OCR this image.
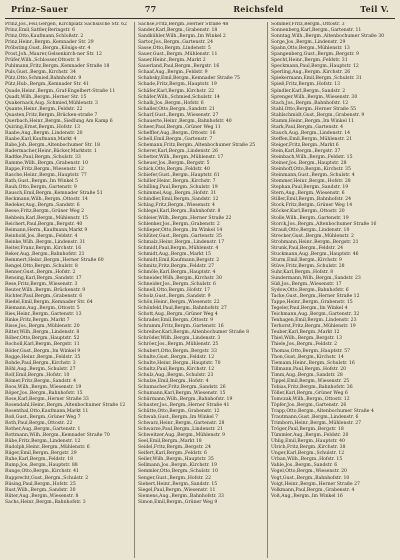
Prinz–Sauer	77	Reichsfeld	Teil V.
Prinz,Jos.,Feil,Gergen, Kirchplatz Sächsische Str. 62
Prinz,Emil,Sattler,Beringstr. 6
Prinz,Otto,Kaufmann,Schloßstr. 2
Prinz,Heinr.,Bergm.,Kemnader Str. 29
Pröbsting,Gust.,Bergm.,Königs-str. 4
Prost,Joh.,Maurer,Gelsenkirch-ner Str. 12
Prüfer,Wilh.,Schlosser,Ottostr. 8
Puhlmann,Fritz,Bergm.,Kemnader Straße 18
Puls,Gust.,Bergm.,Kirchstr. 34
Pütz,Otto,Schmied,Bahnhofstr. 9
Pütz,Hub.,Bergm.,Kemnader Str. 41
Quade,Heinr.,Bergm.,Graf-Engelbert-Straße 11
Quadt,Wilh.,Bergm.,Herner Str. 15
Quakernack,Aug.,Schmied,Mühlenstr. 3
Quante,Heinr.,Bergm.,Feldstr. 22
Quasten,Fritz,Bergm.,Brücken-straße 7
Querbach,Heinr.,Bergm.,Siedlung Am Kamp 6
Quiring,Ernst,Bergm.,Hofstr. 13
Raabe,Aug.,Bergm.,Lindenstr. 20
Raabe,Karl,Kaufmann,Markt 4
Rabe,Joh.,Bergm.,Altenbochumer Str. 18
Radermacher,Heinr.,Bäcker,Marktstr. 1
Radtke,Paul,Bergm.,Schulstr. 33
Ramme,Wilh.,Bergm.,Grabenstr. 10
Rappe,Fritz,Bergm.,Wiesenstr. 12
Rasche,Heinr.,Bergm.,Hauptstr. 77
Rath,Gust.,Bergm.,Im Winkel 5
Rauh,Otto,Bergm.,Gartenstr. 9
Rausch,Emil,Bergm.,Kemnader Straße 51
Reckmann,Wilh.,Bergm.,Ottostr. 14
Redeker,Aug.,Bergm.,Sandstr. 6
Reese,Fritz,Bergm.,Grüner Weg 2
Rehbein,Karl,Bergm.,Mühlenstr. 15
Reichert,Paul,Bergm.,Bergstr. 40
Reimann,Herm.,Kaufmann,Markt 9
Reinhold,Jos.,Bergm.,Feldstr. 4
Reinke,Wilh.,Bergm.,Lindenstr. 31
Reiter,Franz,Bergm.,Kirchstr. 16
Reker,Aug.,Bergm.,Bahnhofstr. 21
Remmert,Heinr.,Bergm.,Herner Straße 60
Rengel,Otto,Bergm.,Schulstr. 8
Renner,Gust.,Bergm.,Hofstr. 2
Rensing,Karl,Bergm.,Sandstr. 17
Rese,Fritz,Bergm.,Wiesenstr. 3
Reuter,Wilh.,Bergm.,Brückenstr. 9
Richter,Paul,Bergm.,Grabenstr. 6
Riedel,Emil,Bergm.,Kemnader Str. 64
Riemann,Aug.,Bergm.,Ottostr. 5
Ries,Heinr.,Bergm.,Gartenstr. 13
Rinke,Fritz,Bergm.,Markt 7
Risse,Jos.,Bergm.,Mühlenstr. 20
Ritter,Wilh.,Bergm.,Lindenstr. 8
Röber,Otto,Bergm.,Hauptstr. 52
Rocholl,Karl,Bergm.,Bergstr. 11
Röder,Gust.,Bergm.,Im Winkel 9
Rogge,Heinr.,Bergm.,Feldstr. 35
Rohde,Paul,Bergm.,Kirchstr. 3
Röhl,Aug.,Bergm.,Schulstr. 27
Rolf,Emil,Bergm.,Hofstr. 10
Römer,Fritz,Bergm.,Sandstr. 4
Roos,Wilh.,Bergm.,Wiesenstr. 19
Röper,Jos.,Bergm.,Bahnhofstr. 15
Rose,Karl,Bergm.,Herner Straße 33
Rosendahl,Heinr.,Bergm.,Altenbochumer Straße 12
Rosenthal,Otto,Kaufmann,Markt 11
Roß,Gust.,Bergm.,Grüner Weg 7
Roth,Paul,Bergm.,Ottostr. 22
Rother,Aug.,Bergm.,Gartenstr. 1
Rottmann,Wilh.,Bergm.,Kemnader Straße 70
Rübe,Fritz,Bergm.,Lindenstr. 12
Rudolph,Heinr.,Bergm.,Mühlenstr. 6
Rüger,Emil,Bergm.,Bergstr. 29
Ruhe,Karl,Bergm.,Feldstr. 18
Rump,Jos.,Bergm.,Hauptstr. 88
Runge,Otto,Bergm.,Kirchstr. 41
Rupprecht,Gust.,Bergm.,Schulstr. 2
Rüsing,Paul,Bergm.,Hofstr. 25
Rust,Wilh.,Bergm.,Sandstr. 30
Rüter,Aug.,Bergm.,Wiesenstr. 8
Sachs,Heinr.,Bergm.,Bahnhofstr. 3
Sachse,Fritz,Bergm.,Herner Straße 48
Sander,Karl,Bergm.,Grabenstr. 18
Sandkühler,Wilh.,Bergm.,Im Winkel 2
Sartor,Jos.,Bergm.,Gartenstr. 24
Sasse,Otto,Bergm.,Lindenstr. 5
Sauer,Gust.,Bergm.,Mühlenstr. 11
Sauer,Heinr.,Bergm.,Markt 2
Sauerland,Paul,Bergm.,Bergstr. 16
Schaaf,Aug.,Bergm.,Feldstr. 9
Schabsky,Emil,Bergm.,Kemnader Straße 75
Schade,Fritz,Bergm.,Hauptstr. 19
Schäfer,Karl,Bergm.,Kirchstr. 22
Schäfer,Wilh.,Schmied,Schulstr. 14
Schalk,Jos.,Bergm.,Hofstr. 6
Schaller,Otto,Bergm.,Sandstr. 21
Scharf,Gust.,Bergm.,Wiesenstr. 27
Schauerte,Heinr.,Bergm.,Bahnhofstr. 40
Scheer,Paul,Bergm.,Grüner Weg 11
Scheffler,Aug.,Bergm.,Ottostr. 16
Schell,Emil,Bergm.,Gartenstr. 7
Schemann,Fritz,Bergm.,Altenbochumer Straße 25
Scherer,Karl,Bergm.,Lindenstr. 26
Schetter,Wilh.,Bergm.,Mühlenstr. 17
Scheuer,Jos.,Bergm.,Bergstr. 5
Schick,Otto,Bergm.,Feldstr. 40
Schiefer,Gust.,Bergm.,Hauptstr. 61
Schiller,Heinr.,Bergm.,Kirchstr. 7
Schilling,Paul,Bergm.,Schulstr. 19
Schimmel,Aug.,Bergm.,Hofstr. 31
Schindler,Emil,Bergm.,Sandstr. 12
Schlag,Fritz,Bergm.,Wiesenstr. 4
Schlegel,Karl,Bergm.,Bahnhofstr. 8
Schleier,Wilh.,Bergm.,Herner Straße 22
Schlenker,Jos.,Bergm.,Grabenstr. 2
Schlieper,Otto,Bergm.,Im Winkel 14
Schlüter,Gust.,Bergm.,Gartenstr. 35
Schmalz,Heinr.,Bergm.,Lindenstr. 17
Schmidt,Paul,Bergm.,Mühlenstr. 4
Schmidt,Aug.,Bergm.,Markt 15
Schmidt,Emil,Kaufmann,Bergstr. 2
Schmitz,Fritz,Bergm.,Feldstr. 27
Schmöle,Karl,Bergm.,Hauptstr. 4
Schneider,Wilh.,Bergm.,Kirchstr. 30
Schneider,Jos.,Bergm.,Schulstr. 6
Schnell,Otto,Bergm.,Hofstr. 17
Scholz,Gust.,Bergm.,Sandstr. 9
Schön,Heinr.,Bergm.,Wiesenstr. 22
Schönfeld,Paul,Bergm.,Bahnhofstr. 27
Schott,Aug.,Bergm.,Grüner Weg 4
Schrader,Emil,Bergm.,Ottostr. 9
Schramm,Fritz,Bergm.,Gartenstr. 16
Schreiber,Karl,Bergm.,Altenbochumer Straße 8
Schröder,Wilh.,Bergm.,Lindenstr. 3
Schröer,Jos.,Bergm.,Mühlenstr. 25
Schubert,Otto,Bergm.,Bergstr. 33
Schulte,Gust.,Bergm.,Feldstr. 12
Schulte,Heinr.,Bergm.,Hauptstr. 70
Schultz,Paul,Bergm.,Kirchstr. 12
Schulz,Aug.,Bergm.,Schulstr. 23
Schulze,Emil,Bergm.,Hofstr. 4
Schumacher,Fritz,Bergm.,Sandstr. 26
Schumann,Karl,Bergm.,Wiesenstr. 15
Schürmann,Wilh.,Bergm.,Bahnhofstr. 19
Schuster,Jos.,Bergm.,Herner Straße 41
Schütte,Otto,Bergm.,Grabenstr. 12
Schwab,Gust.,Bergm.,Im Winkel 7
Schwarz,Heinr.,Bergm.,Gartenstr. 28
Schwarze,Paul,Bergm.,Lindenstr. 21
Schweitzer,Aug.,Bergm.,Mühlenstr. 9
Seel,Emil,Bergm.,Markt 18
Seidel,Fritz,Bergm.,Bergstr. 24
Seifert,Karl,Bergm.,Feldstr. 6
Seiler,Wilh.,Bergm.,Hauptstr. 35
Sellmann,Jos.,Bergm.,Kirchstr. 19
Semmler,Otto,Bergm.,Schulstr. 10
Senger,Gust.,Bergm.,Hofstr. 22
Siebert,Heinr.,Bergm.,Sandstr. 15
Siegel,Paul,Bergm.,Wiesenstr. 11
Siemens,Aug.,Bergm.,Bahnhofstr. 33
Simon,Emil,Bergm.,Grüner Weg 9
Sommer,Fritz,Bergm.,Ottostr. 3
Sonnenberg,Karl,Bergm.,Gartenstr. 11
Sonntag,Wilh.,Bergm.,Altenbochumer Straße 30
Sorge,Jos.,Bergm.,Lindenstr. 29
Spahn,Otto,Bergm.,Mühlenstr. 13
Spangenberg,Gust.,Bergm.,Bergstr. 9
Specht,Heinr.,Bergm.,Feldstr. 31
Speckmann,Paul,Bergm.,Hauptstr. 12
Sperling,Aug.,Bergm.,Kirchstr. 26
Spiekermann,Emil,Bergm.,Schulstr. 31
Spieß,Fritz,Bergm.,Hofstr. 13
Spindler,Karl,Bergm.,Sandstr. 2
Sprenger,Wilh.,Bergm.,Wiesenstr. 30
Stach,Jos.,Bergm.,Bahnhofstr. 12
Stahl,Otto,Bergm.,Herner Straße 55
Stahlschmidt,Gust.,Bergm.,Grabenstr. 9
Stamm,Heinr.,Bergm.,Im Winkel 11
Stark,Paul,Bergm.,Gartenstr. 4
Stauch,Aug.,Bergm.,Lindenstr. 14
Steffen,Emil,Bergm.,Mühlenstr. 21
Steiger,Fritz,Bergm.,Markt 6
Stein,Karl,Bergm.,Bergstr. 37
Steinbach,Wilh.,Bergm.,Feldstr. 15
Steiner,Jos.,Bergm.,Hauptstr. 28
Steinhoff,Otto,Bergm.,Kirchstr. 35
Steinmann,Gust.,Bergm.,Schulstr. 4
Stemmer,Heinr.,Bergm.,Hofstr. 28
Stephan,Paul,Bergm.,Sandstr. 19
Stern,Aug.,Bergm.,Wiesenstr. 6
Stiller,Emil,Bergm.,Bahnhofstr. 24
Stock,Fritz,Bergm.,Grüner Weg 14
Stöcker,Karl,Bergm.,Ottostr. 20
Stolle,Wilh.,Bergm.,Gartenstr. 19
Storck,Jos.,Bergm.,Altenbochumer Straße 16
Strauß,Otto,Bergm.,Lindenstr. 10
Strecker,Gust.,Bergm.,Mühlenstr. 2
Strohmann,Heinr.,Bergm.,Bergstr. 21
Strunk,Paul,Bergm.,Feldstr. 24
Stuckmann,Aug.,Bergm.,Hauptstr. 46
Sturm,Emil,Bergm.,Kirchstr. 9
Stüve,Fritz,Bergm.,Schulstr. 28
Suhr,Karl,Bergm.,Hofstr. 8
Sundermann,Wilh.,Bergm.,Sandstr. 23
Süß,Jos.,Bergm.,Wiesenstr. 17
Sydow,Otto,Bergm.,Bahnhofstr. 6
Tacke,Gust.,Bergm.,Herner Straße 12
Tappe,Heinr.,Bergm.,Grabenstr. 15
Tegeler,Paul,Bergm.,Im Winkel 4
Teichmann,Aug.,Bergm.,Gartenstr. 32
Tenhagen,Emil,Bergm.,Lindenstr. 23
Terhorst,Fritz,Bergm.,Mühlenstr. 19
Teuber,Karl,Bergm.,Markt 12
Thiel,Wilh.,Bergm.,Bergstr. 13
Thiele,Jos.,Bergm.,Feldstr. 2
Thomas,Otto,Bergm.,Hauptstr. 57
Thon,Gust.,Bergm.,Kirchstr. 14
Tiemann,Heinr.,Bergm.,Schulstr. 16
Tillmann,Paul,Bergm.,Hofstr. 20
Timm,Aug.,Bergm.,Sandstr. 28
Tippel,Emil,Bergm.,Wiesenstr. 25
Tobias,Fritz,Bergm.,Bahnhofstr. 36
Töller,Karl,Bergm.,Grüner Weg 6
Tomczak,Wilh.,Bergm.,Ottostr. 12
Töpfer,Jos.,Bergm.,Gartenstr. 26
Trapp,Otto,Bergm.,Altenbochumer Straße 4
Trautmann,Gust.,Bergm.,Lindenstr. 6
Trimborn,Heinr.,Bergm.,Mühlenstr. 27
Tröger,Paul,Bergm.,Bergstr. 18
Tümmler,Aug.,Bergm.,Feldstr. 20
Uhlig,Emil,Bergm.,Hauptstr. 40
Ulrich,Fritz,Bergm.,Kirchstr. 38
Unger,Karl,Bergm.,Schulstr. 12
Urban,Wilh.,Bergm.,Hofstr. 15
Vahle,Jos.,Bergm.,Sandstr. 6
Vogel,Otto,Bergm.,Wiesenstr. 20
Vogt,Gust.,Bergm.,Bahnhofstr. 10
Voigt,Heinr.,Bergm.,Herner Straße 27
Volkmann,Paul,Bergm.,Grabenstr. 4
Voß,Aug.,Bergm.,Im Winkel 16
